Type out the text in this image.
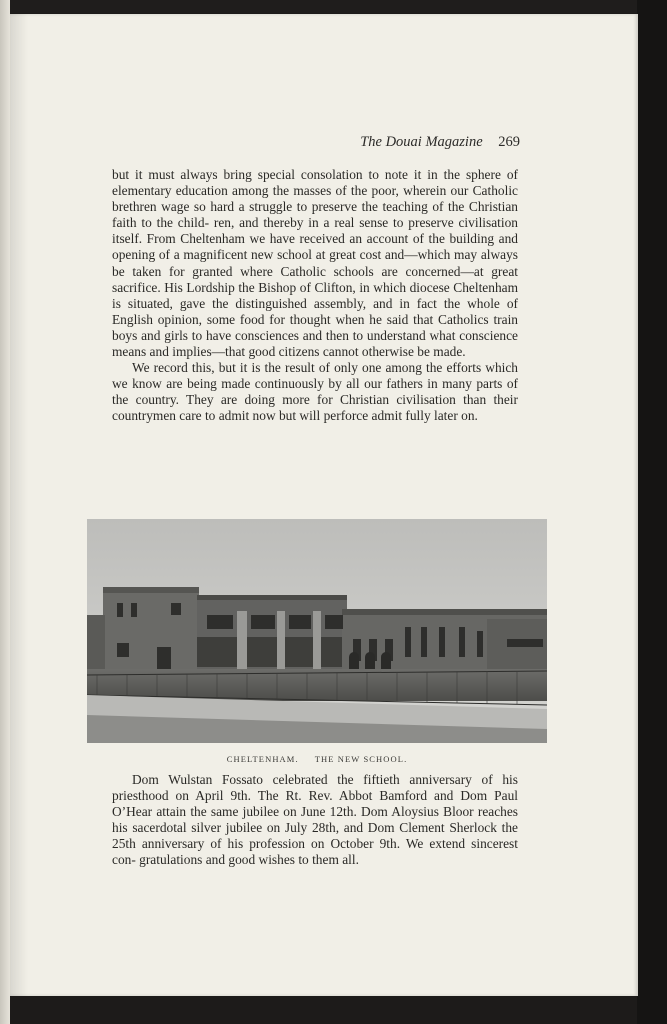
The Douai Magazine 269

but it must always bring special consolation to note it in the sphere of elementary education among the masses of the poor, wherein our Catholic brethren wage so hard a struggle to preserve the teaching of the Christian faith to the child- ren, and thereby in a real sense to preserve civilisation itself. From Cheltenham we have received an account of the building and opening of a magnificent new school at great cost and—which may always be taken for granted where Catholic schools are concerned—at great sacrifice. His Lordship the Bishop of Clifton, in which diocese Cheltenham is situated, gave the distinguished assembly, and in fact the whole of English opinion, some food for thought when he said that Catholics train boys and girls to have consciences and then to understand what conscience means and implies—that good citizens cannot otherwise be made.

We record this, but it is the result of only one among the efforts which we know are being made continuously by all our fathers in many parts of the country. They are doing more for Christian civilisation than their countrymen care to admit now but will perforce admit fully later on.

CHELTENHAM. THE NEW SCHOOL.

Dom Wulstan Fossato celebrated the fiftieth anniversary of his priesthood on April 9th. The Rt. Rev. Abbot Bamford and Dom Paul O’Hear attain the same jubilee on June 12th. Dom Aloysius Bloor reaches his sacerdotal silver jubilee on July 28th, and Dom Clement Sherlock the 25th anniversary of his profession on October 9th. We extend sincerest con- gratulations and good wishes to them all.
